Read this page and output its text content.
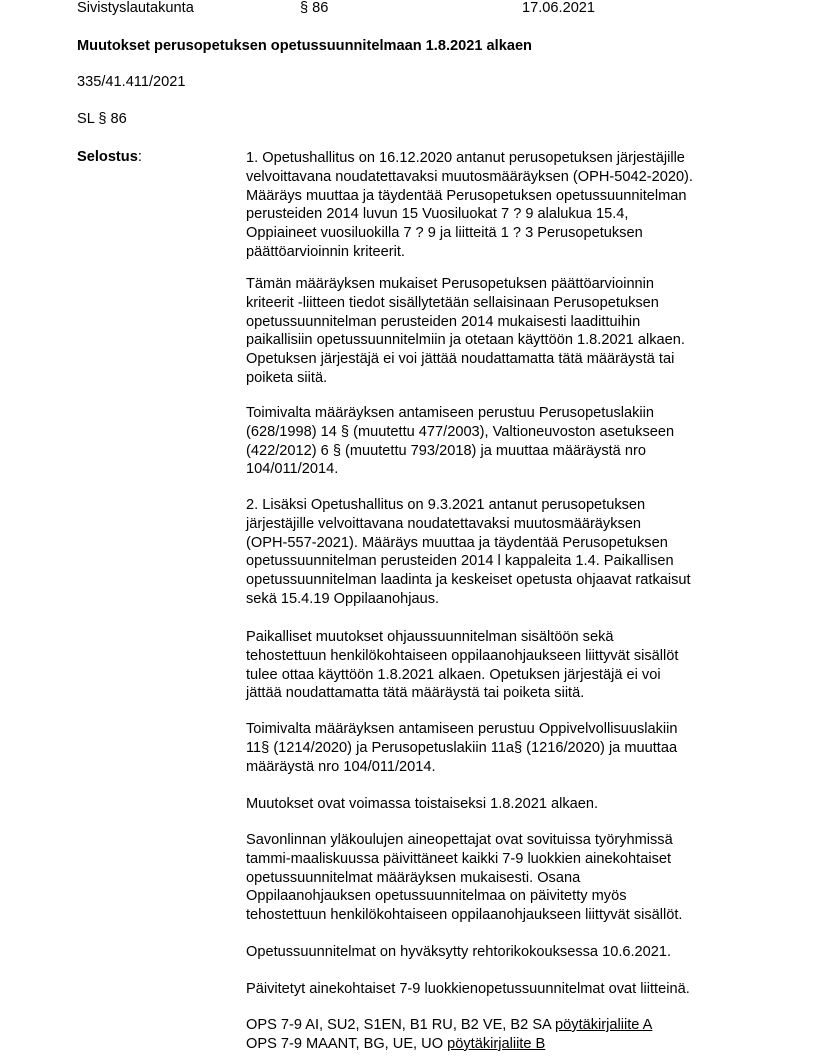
Sivistyslautakunta	§ 86	17.06.2021
Muutokset perusopetuksen opetussuunnitelmaan 1.8.2021 alkaen
335/41.411/2021
SL § 86
Selostus:	1. Opetushallitus on 16.12.2020 antanut perusopetuksen järjestäjille
velvoittavana noudatettavaksi muutosmääräyksen (OPH-5042-2020).
Määräys muuttaa ja täydentää Perusopetuksen opetussuunnitelman
perusteiden 2014 luvun 15 Vuosiluokat 7 ? 9 alalukua 15.4,
Oppiaineet vuosiluokilla 7 ? 9 ja liitteitä 1 ? 3 Perusopetuksen
päättöarvioinnin kriteerit.
Tämän määräyksen mukaiset Perusopetuksen päättöarvioinnin
kriteerit -liitteen tiedot sisällytetään sellaisinaan Perusopetuksen
opetussuunnitelman perusteiden 2014 mukaisesti laadittuihin
paikallisiin opetussuunnitelmiin ja otetaan käyttöön 1.8.2021 alkaen.
Opetuksen järjestäjä ei voi jättää noudattamatta tätä määräystä tai
poiketa siitä.
Toimivalta määräyksen antamiseen perustuu Perusopetuslakiin
(628/1998) 14 § (muutettu 477/2003), Valtioneuvoston asetukseen
(422/2012) 6 § (muutettu 793/2018) ja muuttaa määräystä nro
104/011/2014.
2. Lisäksi Opetushallitus on 9.3.2021 antanut perusopetuksen
järjestäjille velvoittavana noudatettavaksi muutosmääräyksen
(OPH-557-2021). Määräys muuttaa ja täydentää Perusopetuksen
opetussuunnitelman perusteiden 2014 l kappaleita 1.4. Paikallisen
opetussuunnitelman laadinta ja keskeiset opetusta ohjaavat ratkaisut
sekä 15.4.19 Oppilaanohjaus.
Paikalliset muutokset ohjaussuunnitelman sisältöön sekä
tehostettuun henkilökohtaiseen oppilaanohjaukseen liittyvät sisällöt
tulee ottaa käyttöön 1.8.2021 alkaen. Opetuksen järjestäjä ei voi
jättää noudattamatta tätä määräystä tai poiketa siitä.
Toimivalta määräyksen antamiseen perustuu Oppivelvollisuuslakiin
11§ (1214/2020) ja Perusopetuslakiin 11a§ (1216/2020) ja muuttaa
määräystä nro 104/011/2014.
Muutokset ovat voimassa toistaiseksi 1.8.2021 alkaen.
Savonlinnan yläkoulujen aineopettajat ovat sovituissa työryhmissä
tammi-maaliskuussa päivittäneet kaikki 7-9 luokkien ainekohtaiset
opetussuunnitelmat määräyksen mukaisesti. Osana
Oppilaanohjauksen opetussuunnitelmaa on päivitetty myös
tehostettuun henkilökohtaiseen oppilaanohjaukseen liittyvät sisällöt.
Opetussuunnitelmat on hyväksytty rehtorikokouksessa 10.6.2021.
Päivitetyt ainekohtaiset 7-9 luokkienopetussuunnitelmat ovat liitteinä.
OPS 7-9 AI, SU2, S1EN, B1 RU, B2 VE, B2 SA pöytäkirjaliite A
OPS 7-9 MAANT, BG, UE, UO pöytäkirjaliite B
